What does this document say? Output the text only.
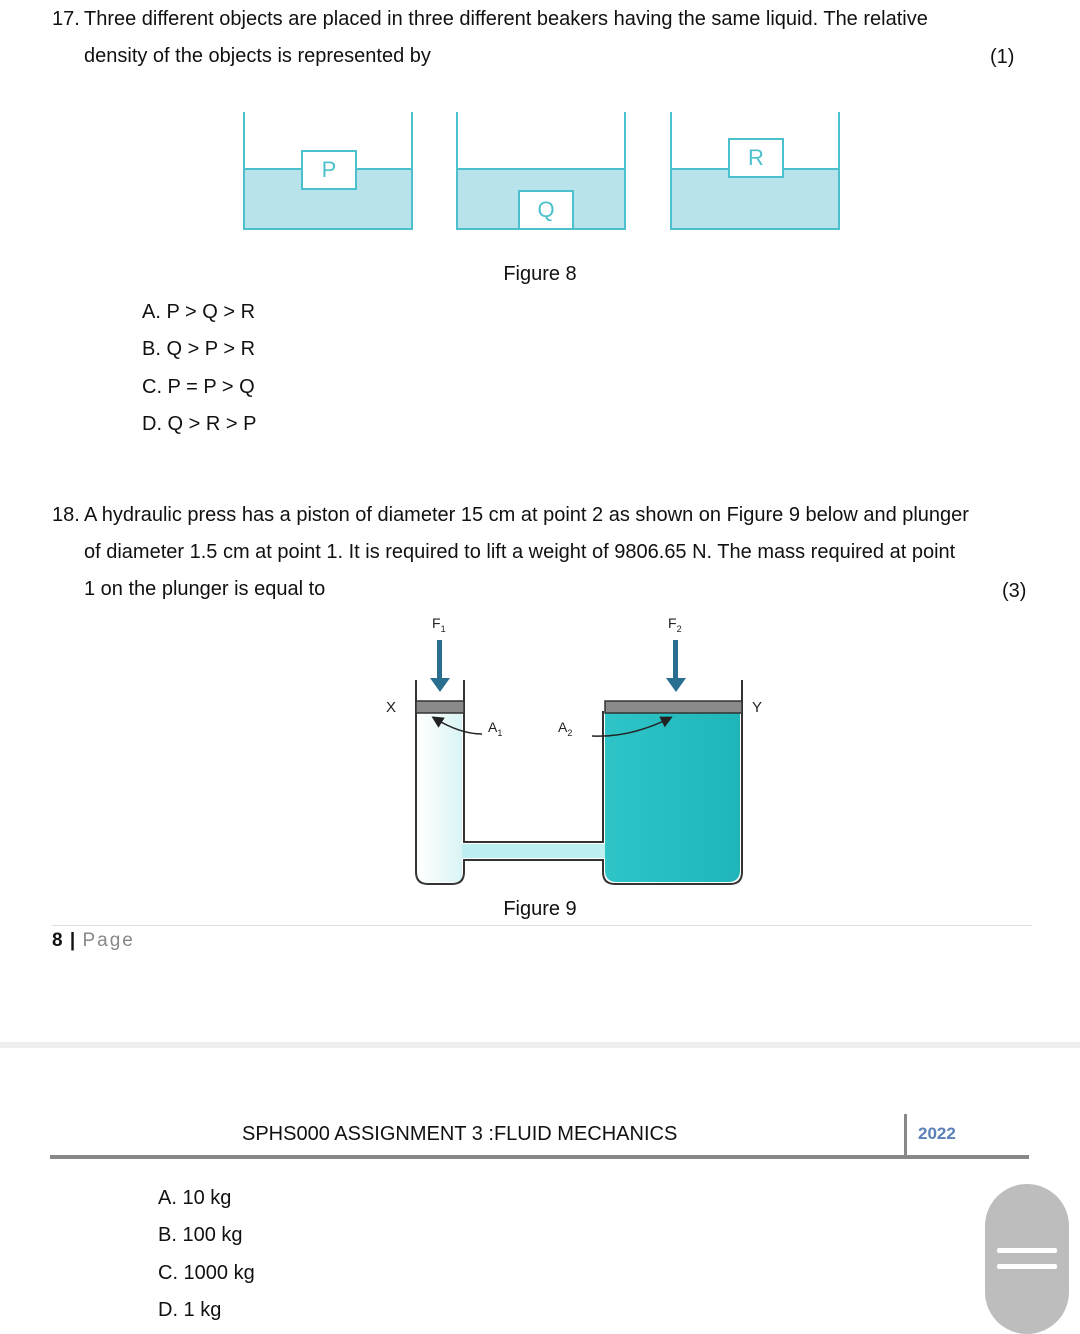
17. Three different objects are placed in three different beakers having the same liquid. The relative
density of the objects is represented by	(1)
P
Q
R
Figure 8
A. P > Q > R
B. Q > P > R
C. P = P > Q
D. Q > R > P
18. A hydraulic press has a piston of diameter 15 cm at point 2 as shown on Figure 9 below and plunger
of diameter 1.5 cm at point 1. It is required to lift a weight of 9806.65 N. The mass required at point
1 on the plunger is equal to	(3)
$F_1$	$F_2$
$A_1$	$A_2$
X	Y
Figure 9
8 | Page
SPHS000 ASSIGNMENT 3 :FLUID MECHANICS	2022
A. 10 kg
B. 100 kg
C. 1000 kg
D. 1 kg
